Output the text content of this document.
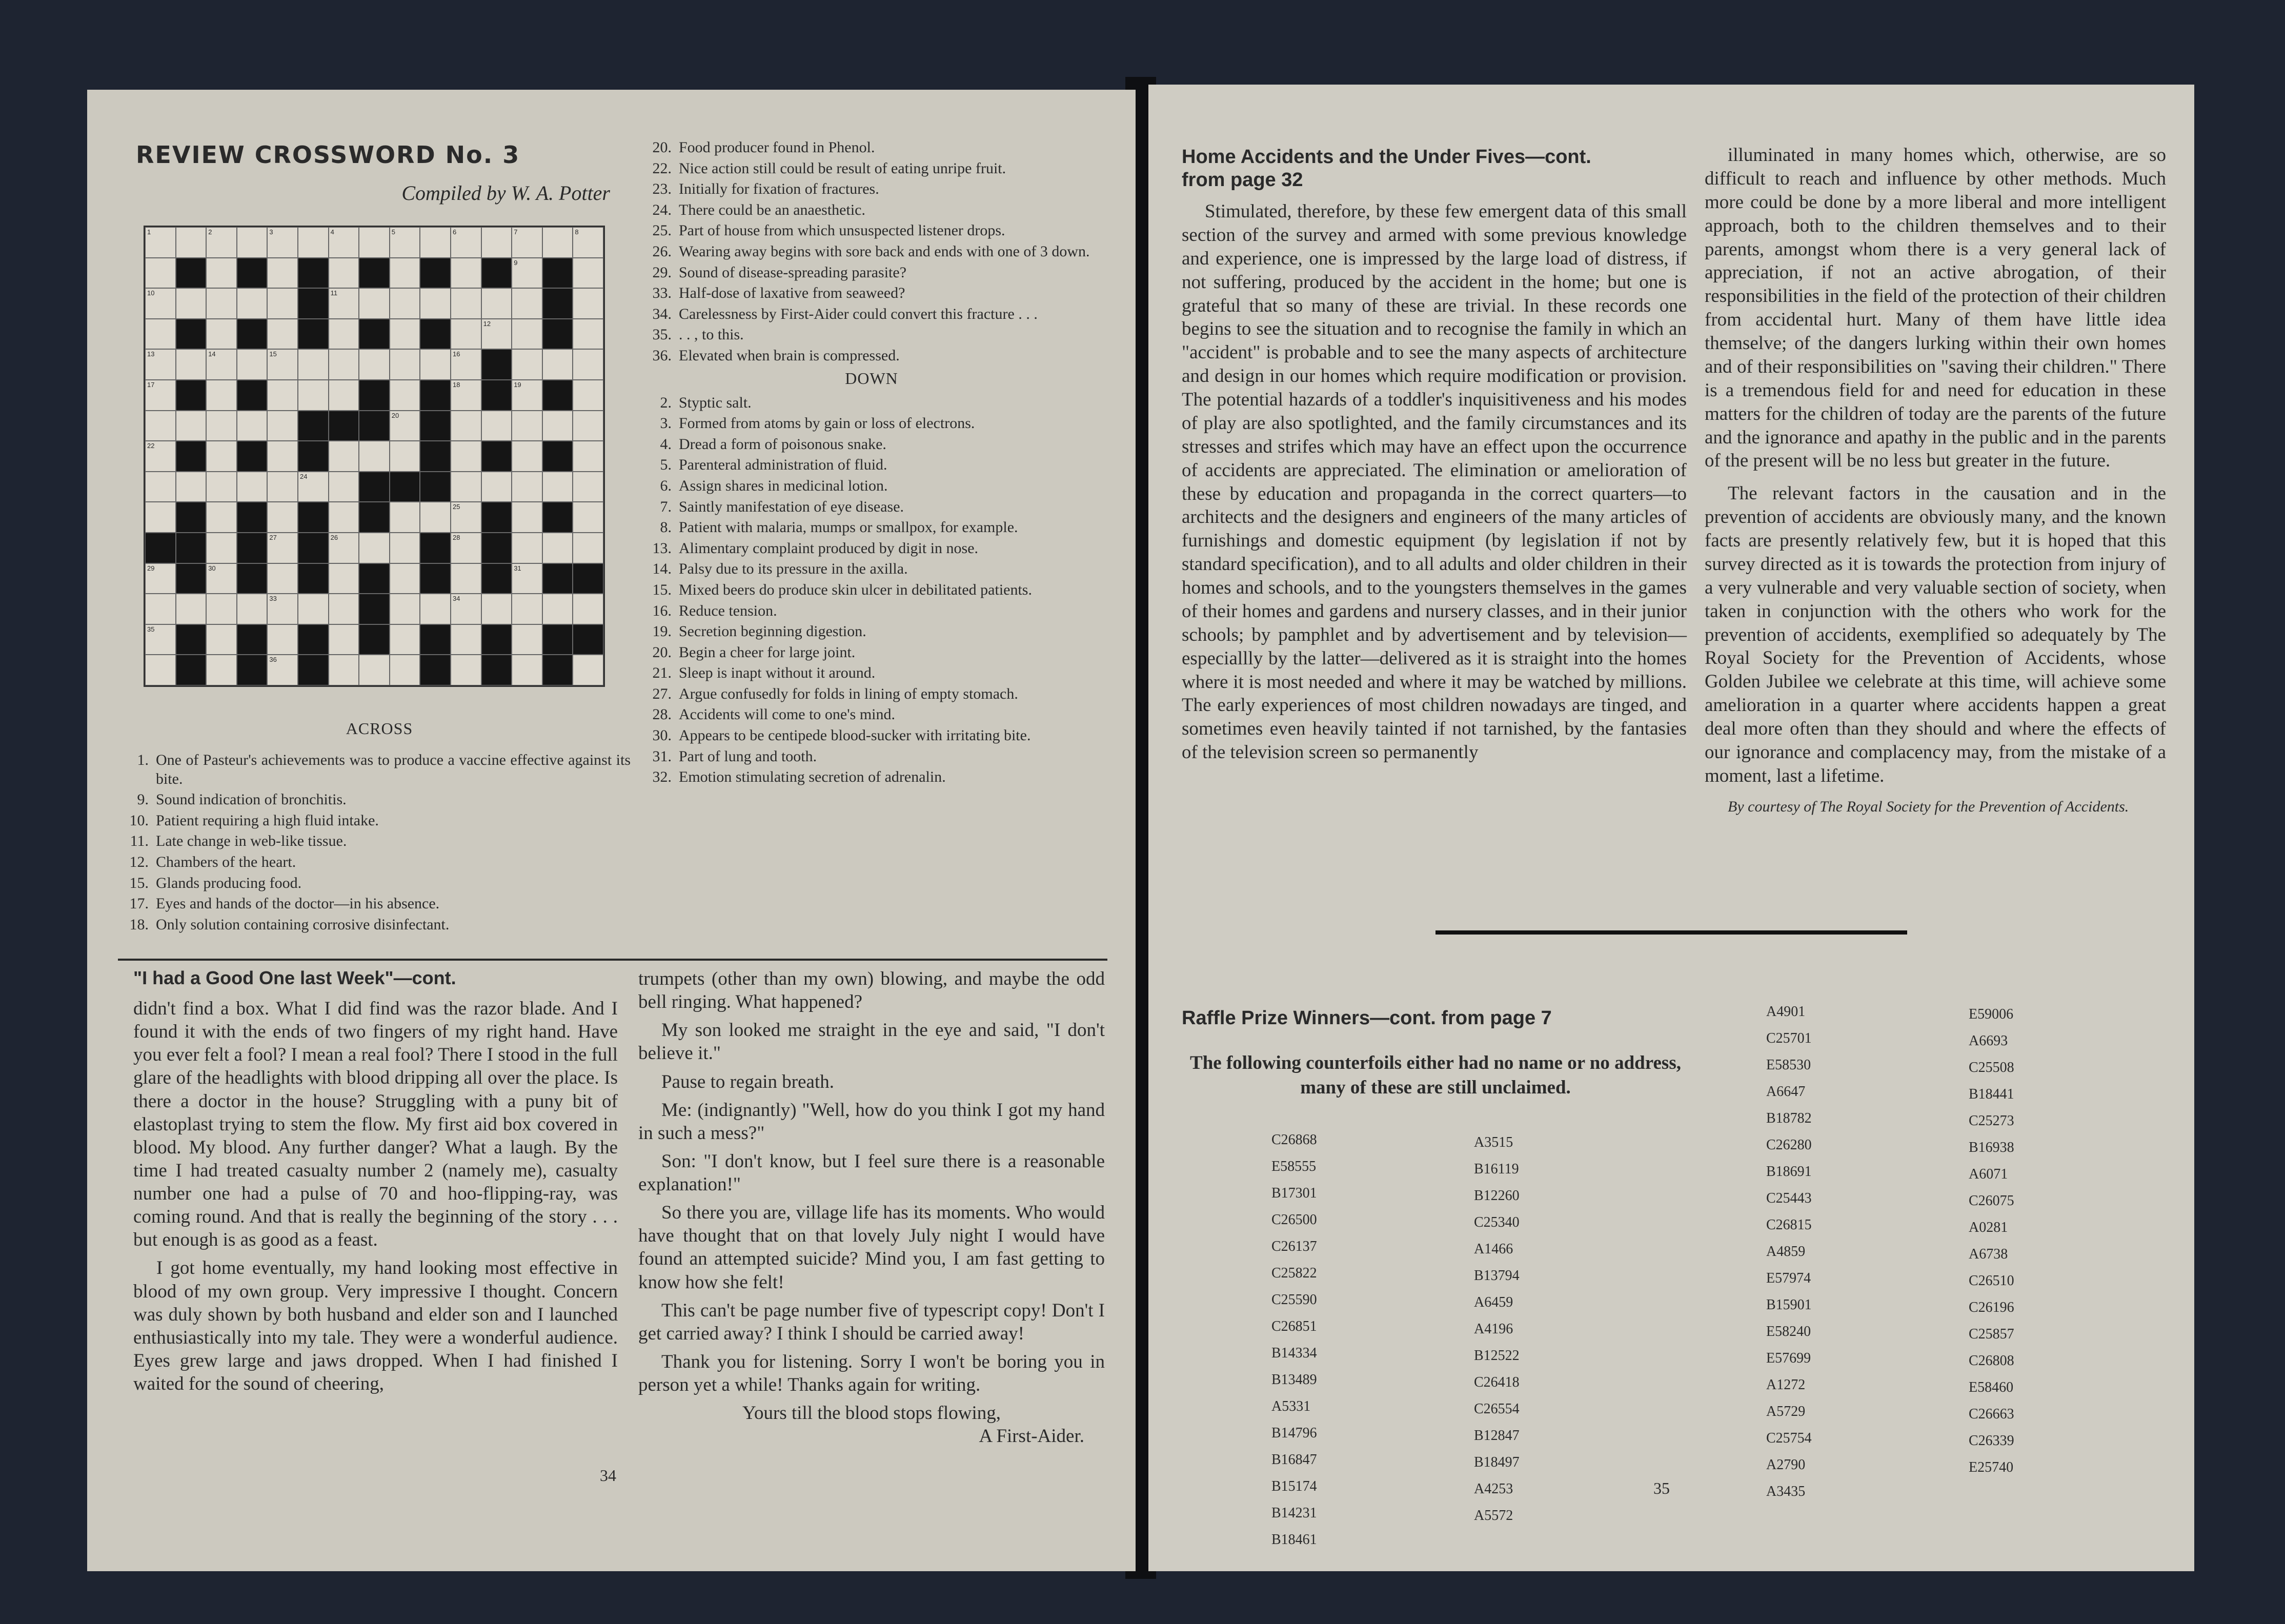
REVIEW CROSSWORD No. 3
Compiled by W. A. Potter
1	2	3	4	5	6	7	8
9
10	11
12
13	14	15	16
17	18	19
20
22
24
25
27	26	28
29	30	31
33	34
35
36
ACROSS
1. One of Pasteur's achievements was to produce a vaccine effective against its bite.
9. Sound indication of bronchitis.
10. Patient requiring a high fluid intake.
11. Late change in web-like tissue.
12. Chambers of the heart.
15. Glands producing food.
17. Eyes and hands of the doctor—in his absence.
18. Only solution containing corrosive disinfectant.
20. Food producer found in Phenol.
22. Nice action still could be result of eating unripe fruit.
23. Initially for fixation of fractures.
24. There could be an anaesthetic.
25. Part of house from which unsuspected listener drops.
26. Wearing away begins with sore back and ends with one of 3 down.
29. Sound of disease-spreading parasite?
33. Half-dose of laxative from seaweed?
34. Carelessness by First-Aider could convert this fracture . . .
35. . . , to this.
36. Elevated when brain is compressed.
DOWN
2. Styptic salt.
3. Formed from atoms by gain or loss of electrons.
4. Dread a form of poisonous snake.
5. Parenteral administration of fluid.
6. Assign shares in medicinal lotion.
7. Saintly manifestation of eye disease.
8. Patient with malaria, mumps or smallpox, for example.
13. Alimentary complaint produced by digit in nose.
14. Palsy due to its pressure in the axilla.
15. Mixed beers do produce skin ulcer in debilitated patients.
16. Reduce tension.
19. Secretion beginning digestion.
20. Begin a cheer for large joint.
21. Sleep is inapt without it around.
27. Argue confusedly for folds in lining of empty stomach.
28. Accidents will come to one's mind.
30. Appears to be centipede blood-sucker with irritating bite.
31. Part of lung and tooth.
32. Emotion stimulating secretion of adrenalin.
"I had a Good One last Week"—cont.

didn't find a box. What I did find was the razor blade. And I found it with the ends of two fingers of my right hand. Have you ever felt a fool? I mean a real fool? There I stood in the full glare of the headlights with blood dripping all over the place. Is there a doctor in the house? Struggling with a puny bit of elastoplast trying to stem the flow. My first aid box covered in blood. My blood. Any further danger? What a laugh. By the time I had treated casualty number 2 (namely me), casualty number one had a pulse of 70 and hoo-flipping-ray, was coming round. And that is really the beginning of the story . . . but enough is as good as a feast.

I got home eventually, my hand looking most effective in blood of my own group. Very impressive I thought. Concern was duly shown by both husband and elder son and I launched enthusiastically into my tale. They were a wonderful audience. Eyes grew large and jaws dropped. When I had finished I waited for the sound of cheering,

trumpets (other than my own) blowing, and maybe the odd bell ringing. What happened?

My son looked me straight in the eye and said, "I don't believe it."

Pause to regain breath.

Me: (indignantly) "Well, how do you think I got my hand in such a mess?"

Son: "I don't know, but I feel sure there is a reasonable explanation!"

So there you are, village life has its moments. Who would have thought that on that lovely July night I would have found an attempted suicide? Mind you, I am fast getting to know how she felt!

This can't be page number five of typescript copy! Don't I get carried away? I think I should be carried away!

Thank you for listening. Sorry I won't be boring you in person yet a while! Thanks again for writing.

Yours till the blood stops flowing,
A First-Aider.
34
Home Accidents and the Under Fives—cont.
from page 32

Stimulated, therefore, by these few emergent data of this small section of the survey and armed with some previous knowledge and experience, one is impressed by the large load of distress, if not suffering, produced by the accident in the home; but one is grateful that so many of these are trivial. In these records one begins to see the situation and to recognise the family in which an "accident" is probable and to see the many aspects of architecture and design in our homes which require modification or provision. The potential hazards of a toddler's inquisitiveness and his modes of play are also spotlighted, and the family circumstances and its stresses and strifes which may have an effect upon the occurrence of accidents are appreciated. The elimination or amelioration of these by education and propaganda in the correct quarters—to architects and the designers and engineers of the many articles of furnishings and domestic equipment (by legislation if not by standard specification), and to all adults and older children in their homes and schools, and to the youngsters themselves in the games of their homes and gardens and nursery classes, and in their junior schools; by pamphlet and by advertisement and by television—especiallly by the latter—delivered as it is straight into the homes where it is most needed and where it may be watched by millions. The early experiences of most children nowadays are tinged, and sometimes even heavily tainted if not tarnished, by the fantasies of the television screen so permanently

illuminated in many homes which, otherwise, are so difficult to reach and influence by other methods. Much more could be done by a more liberal and more intelligent approach, both to the children themselves and to their parents, amongst whom there is a very general lack of appreciation, if not an active abrogation, of their responsibilities in the field of the protection of their children from accidental hurt. Many of them have little idea themselve; of the dangers lurking within their own homes and of their responsibilities on "saving their children." There is a tremendous field for and need for education in these matters for the children of today are the parents of the future and the ignorance and apathy in the public and in the parents of the present will be no less but greater in the future.

The relevant factors in the causation and in the prevention of accidents are obviously many, and the known facts are presently relatively few, but it is hoped that this survey directed as it is towards the protection from injury of a very vulnerable and very valuable section of society, when taken in conjunction with the others who work for the prevention of accidents, exemplified so adequately by The Royal Society for the Prevention of Accidents, whose Golden Jubilee we celebrate at this time, will achieve some amelioration in a quarter where accidents happen a great deal more often than they should and where the effects of our ignorance and complacency may, from the mistake of a moment, last a lifetime.

By courtesy of The Royal Society for the Prevention of Accidents.

Raffle Prize Winners—cont. from page 7
The following counterfoils either had no name or no address, many of these are still unclaimed.
C26868
E58555
B17301
C26500
C26137
C25822
C25590
C26851
B14334
B13489
A5331
B14796
B16847
B15174
B14231
B18461
A3515
B16119
B12260
C25340
A1466
B13794
A6459
A4196
B12522
C26418
C26554
B12847
B18497
A4253
A5572
A4901
C25701
E58530
A6647
B18782
C26280
B18691
C25443
C26815
A4859
E57974
B15901
E58240
E57699
A1272
A5729
C25754
A2790
A3435
E59006
A6693
C25508
B18441
C25273
B16938
A6071
C26075
A0281
A6738
C26510
C26196
C25857
C26808
E58460
C26663
C26339
E25740
35
